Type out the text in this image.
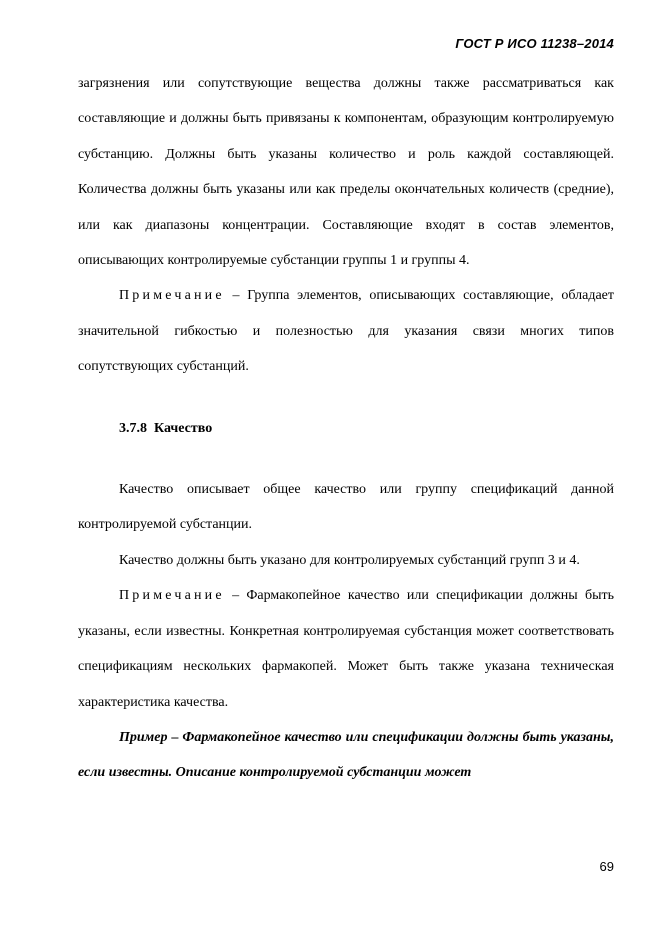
ГОСТ Р ИСО 11238–2014

загрязнения или сопутствующие вещества должны также рассматриваться как составляющие и должны быть привязаны к компонентам, образующим контролируемую субстанцию. Должны быть указаны количество и роль каждой составляющей. Количества должны быть указаны или как пределы окончательных количеств (средние), или как диапазоны концентрации. Составляющие входят в состав элементов, описывающих контролируемые субстанции группы 1 и группы 4.

Примечание – Группа элементов, описывающих составляющие, обладает значительной гибкостью и полезностью для указания связи многих типов сопутствующих субстанций.

3.7.8 Качество

Качество описывает общее качество или группу спецификаций данной контролируемой субстанции.

Качество должны быть указано для контролируемых субстанций групп 3 и 4.

Примечание – Фармакопейное качество или спецификации должны быть указаны, если известны. Конкретная контролируемая субстанция может соответствовать спецификациям нескольких фармакопей. Может быть также указана техническая характеристика качества.

Пример – Фармакопейное качество или спецификации должны быть указаны, если известны. Описание контролируемой субстанции может

69
